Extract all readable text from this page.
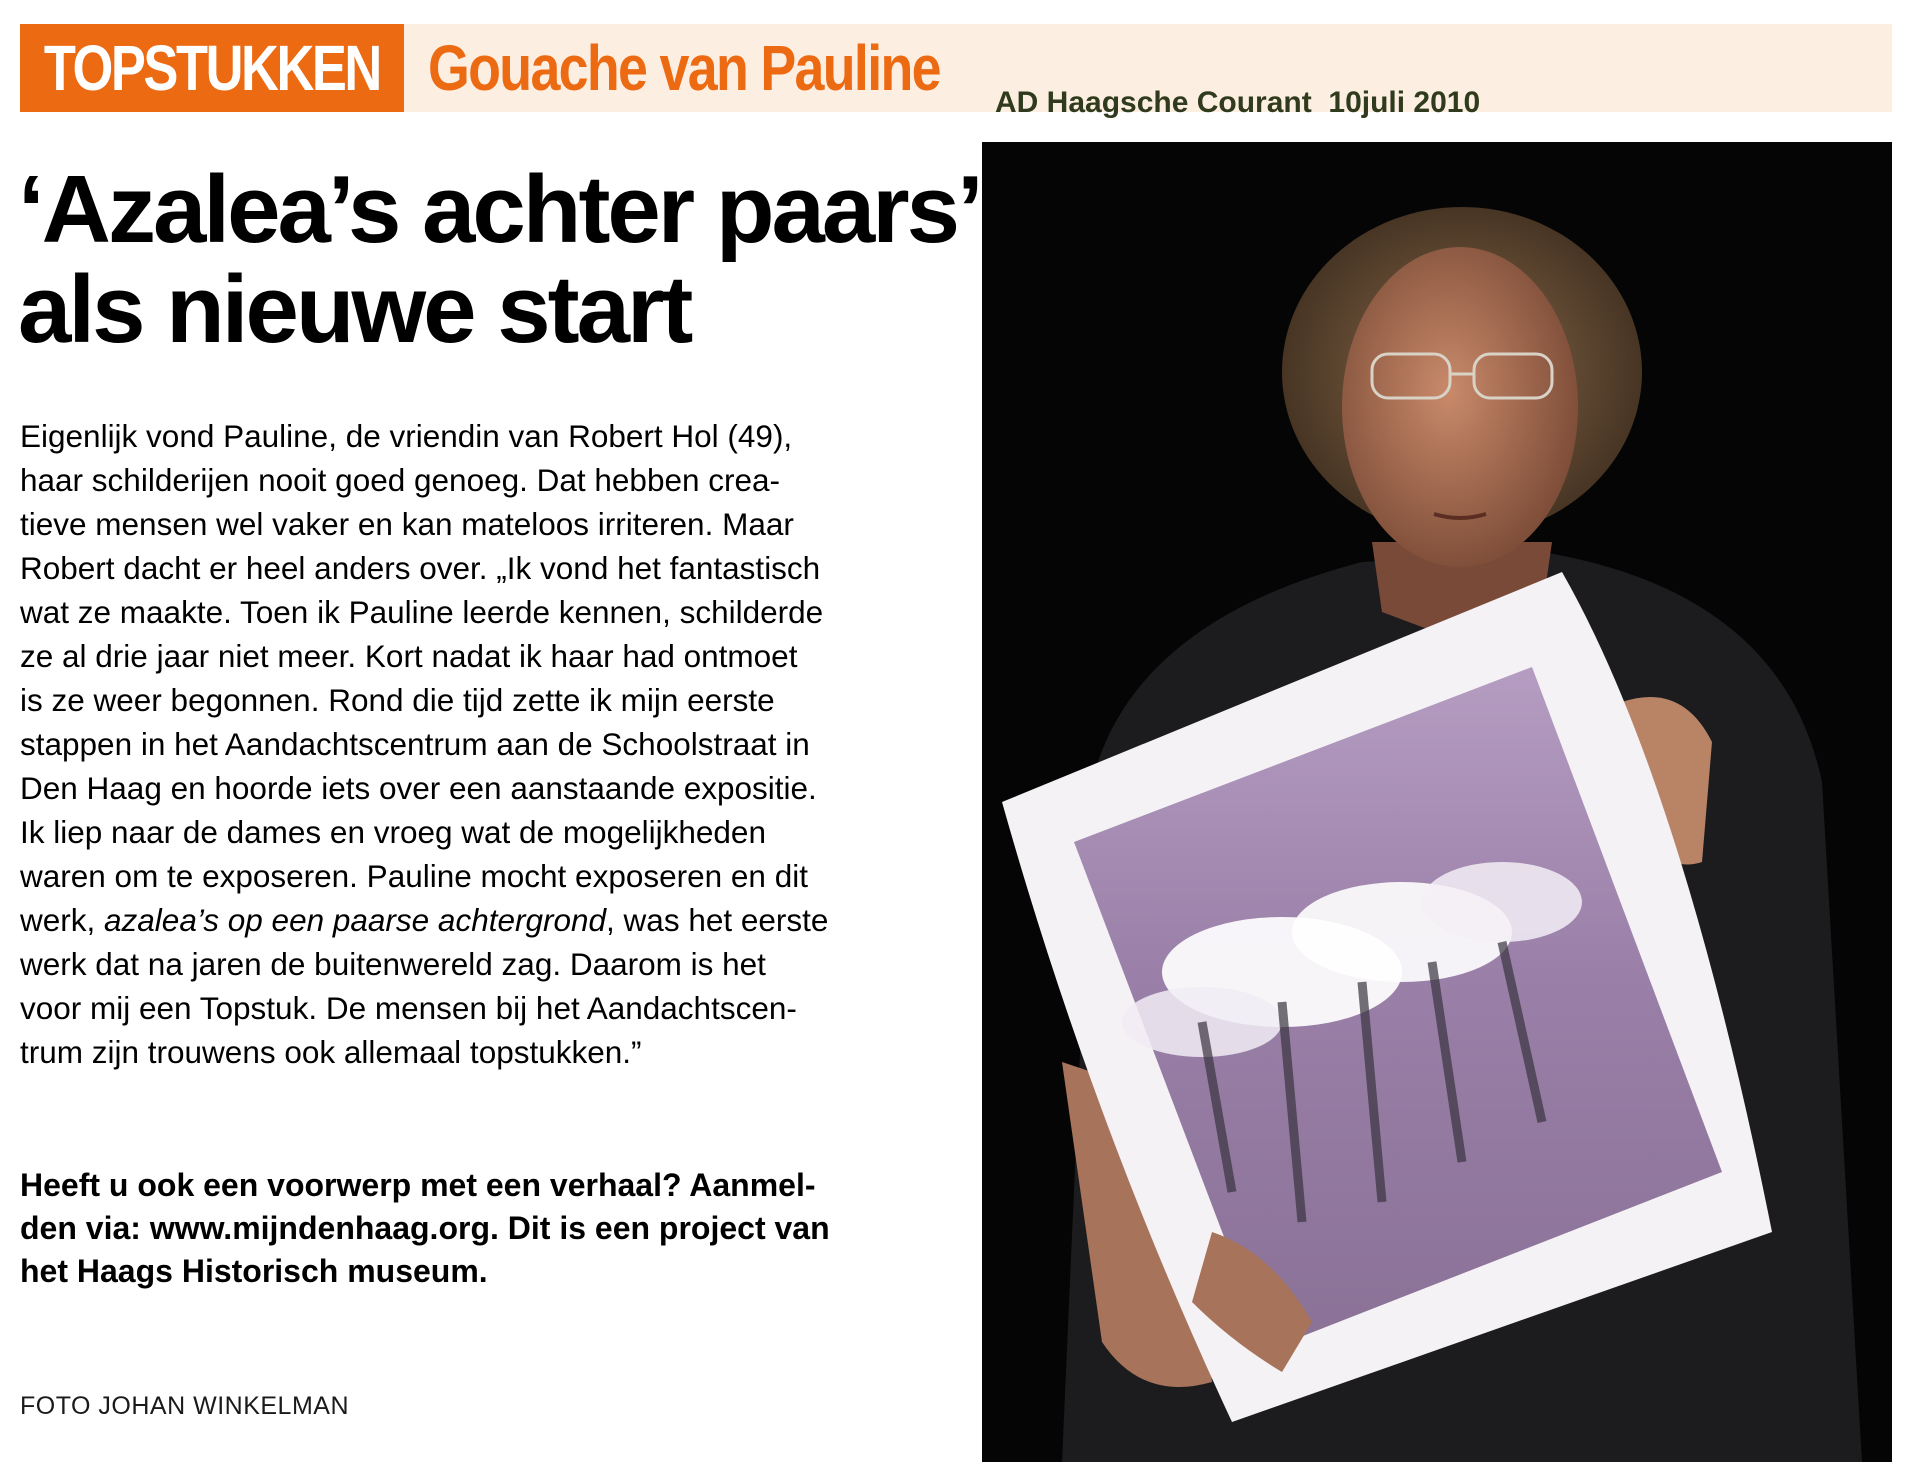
TOPSTUKKEN Gouache van Pauline AD Haagsche Courant  10juli 2010
‘Azalea’s achter paars’
als nieuwe start
Eigenlijk vond Pauline, de vriendin van Robert Hol (49),
haar schilderijen nooit goed genoeg. Dat hebben crea-
tieve mensen wel vaker en kan mateloos irriteren. Maar
Robert dacht er heel anders over. „Ik vond het fantastisch
wat ze maakte. Toen ik Pauline leerde kennen, schilderde
ze al drie jaar niet meer. Kort nadat ik haar had ontmoet
is ze weer begonnen. Rond die tijd zette ik mijn eerste
stappen in het Aandachtscentrum aan de Schoolstraat in
Den Haag en hoorde iets over een aanstaande expositie.
Ik liep naar de dames en vroeg wat de mogelijkheden
waren om te exposeren. Pauline mocht exposeren en dit
werk, azalea’s op een paarse achtergrond, was het eerste
werk dat na jaren de buitenwereld zag. Daarom is het
voor mij een Topstuk. De mensen bij het Aandachtscen-
trum zijn trouwens ook allemaal topstukken.”
Heeft u ook een voorwerp met een verhaal? Aanmel-
den via: www.mijndenhaag.org. Dit is een project van
het Haags Historisch museum.
FOTO JOHAN WINKELMAN
